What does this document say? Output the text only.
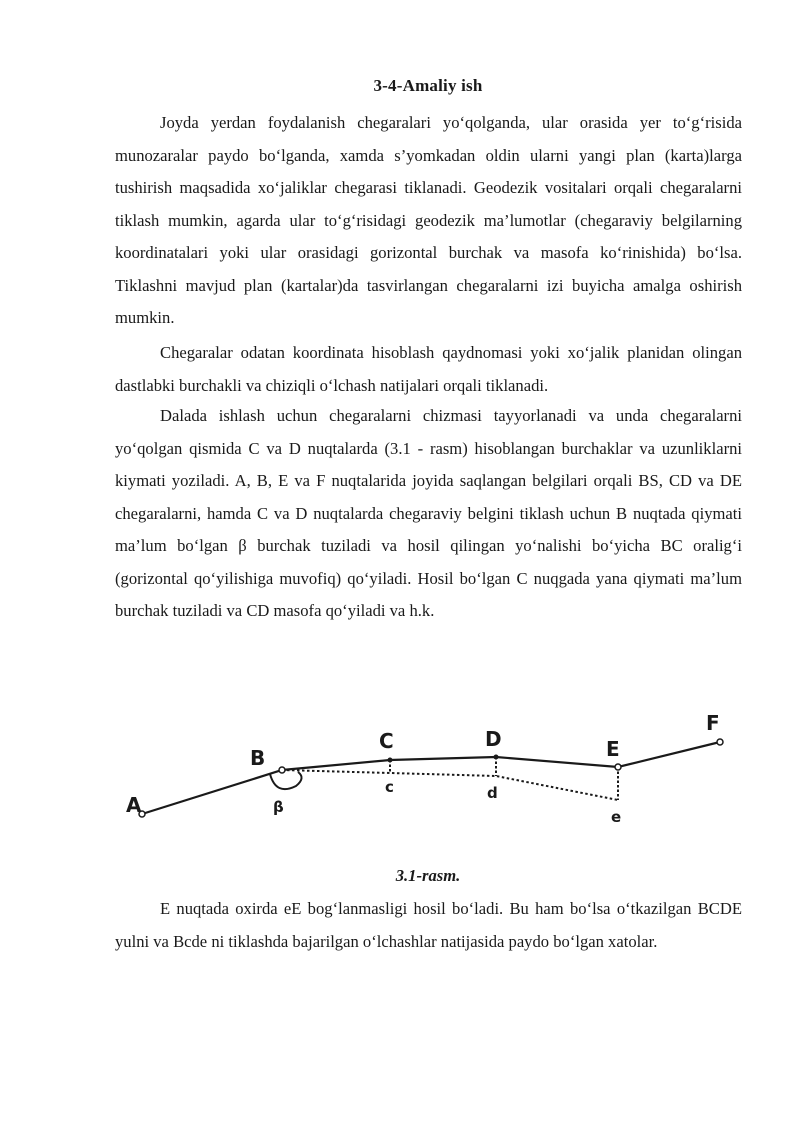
3-4-Amaliy ish

Joyda yerdan foydalanish chegaralari yo‘qolganda, ular orasida yer to‘g‘risida munozaralar paydo bo‘lganda, xamda s’yomkadan oldin ularni yangi plan (karta)larga tushirish maqsadida xo‘jaliklar chegarasi tiklanadi. Geodezik vositalari orqali chegaralarni tiklash mumkin, agarda ular to‘g‘risidagi geodezik ma’lumotlar (chegaraviy belgilarning koordinatalari yoki ular orasidagi gorizontal burchak va masofa ko‘rinishida) bo‘lsa. Tiklashni mavjud plan (kartalar)da tasvirlangan chegaralarni izi buyicha amalga oshirish mumkin.

Chegaralar odatan koordinata hisoblash qaydnomasi yoki xo‘jalik planidan olingan dastlabki burchakli va chiziqli o‘lchash natijalari orqali tiklanadi.

Dalada ishlash uchun chegaralarni chizmasi tayyorlanadi va unda chegaralarni yo‘qolgan qismida C va D nuqtalarda (3.1 - rasm) hisoblangan burchaklar va uzunliklarni kiymati yoziladi. A, B, E va F nuqtalarida joyida saqlangan belgilari orqali BS, CD va DE chegaralarni, hamda C va D nuqtalarda chegaraviy belgini tiklash uchun B nuqtada qiymati ma’lum bo‘lgan β burchak tuziladi va hosil qilingan yo‘nalishi bo‘yicha BC oralig‘i (gorizontal qo‘yilishiga muvofiq) qo‘yiladi. Hosil bo‘lgan C nuqgada yana qiymati ma’lum burchak tuziladi va CD masofa qo‘yiladi va h.k.

A
B
C	D	E
F
c	d
e
β
3.1-rasm.

E nuqtada oxirda eE bog‘lanmasligi hosil bo‘ladi. Bu ham bo‘lsa o‘tkazilgan BCDE yulni va Bcde ni tiklashda bajarilgan o‘lchashlar natijasida paydo bo‘lgan xatolar.
